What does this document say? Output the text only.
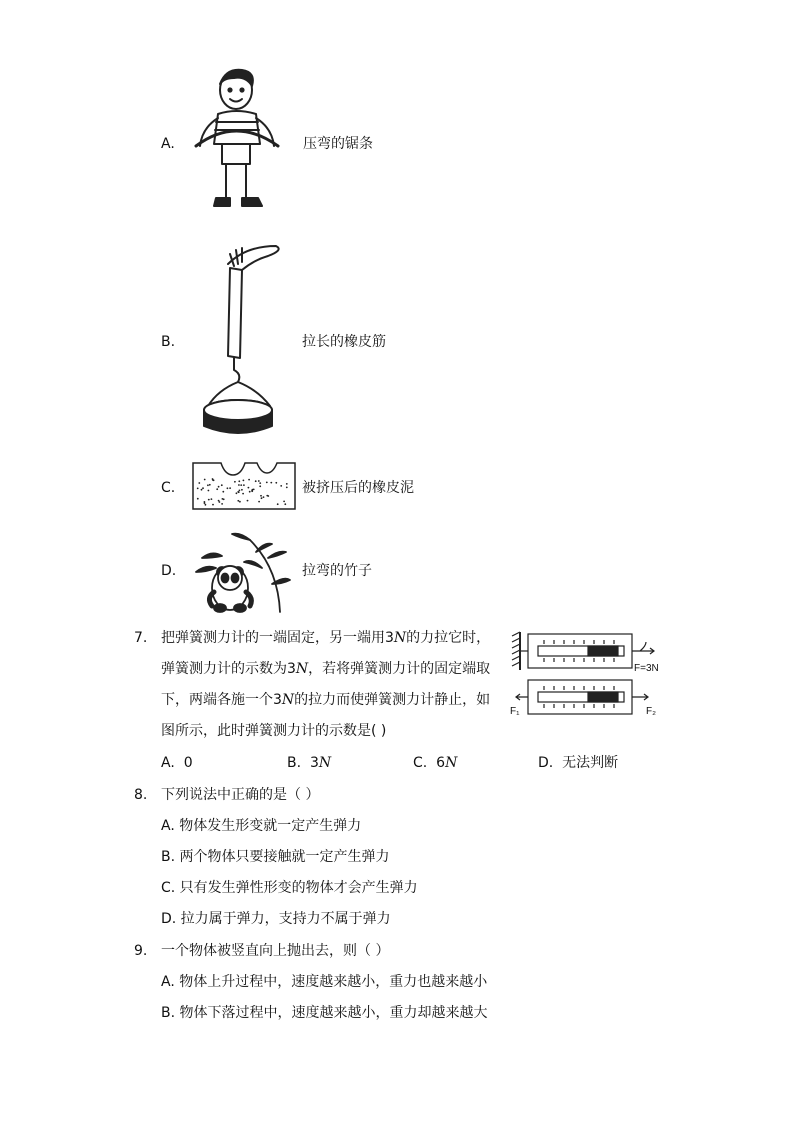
A.	压弯的锯条
B.	拉长的橡皮筋
C.	被挤压后的橡皮泥
D.	拉弯的竹子
7. 把弹簧测力计的一端固定，另一端用3N的力拉它时，
弹簧测力计的示数为3N，若将弹簧测力计的固定端取
下，两端各施一个3N的拉力而使弹簧测力计静止，如
图所示，此时弹簧测力计的示数是( )
F=3N
F₁	F₂
A. 0	B. 3N	C. 6N	D. 无法判断
8. 下列说法中正确的是（ ）
A. 物体发生形变就一定产生弹力
B. 两个物体只要接触就一定产生弹力
C. 只有发生弹性形变的物体才会产生弹力
D. 拉力属于弹力，支持力不属于弹力
9. 一个物体被竖直向上抛出去，则（ ）
A. 物体上升过程中，速度越来越小，重力也越来越小
B. 物体下落过程中，速度越来越小，重力却越来越大
